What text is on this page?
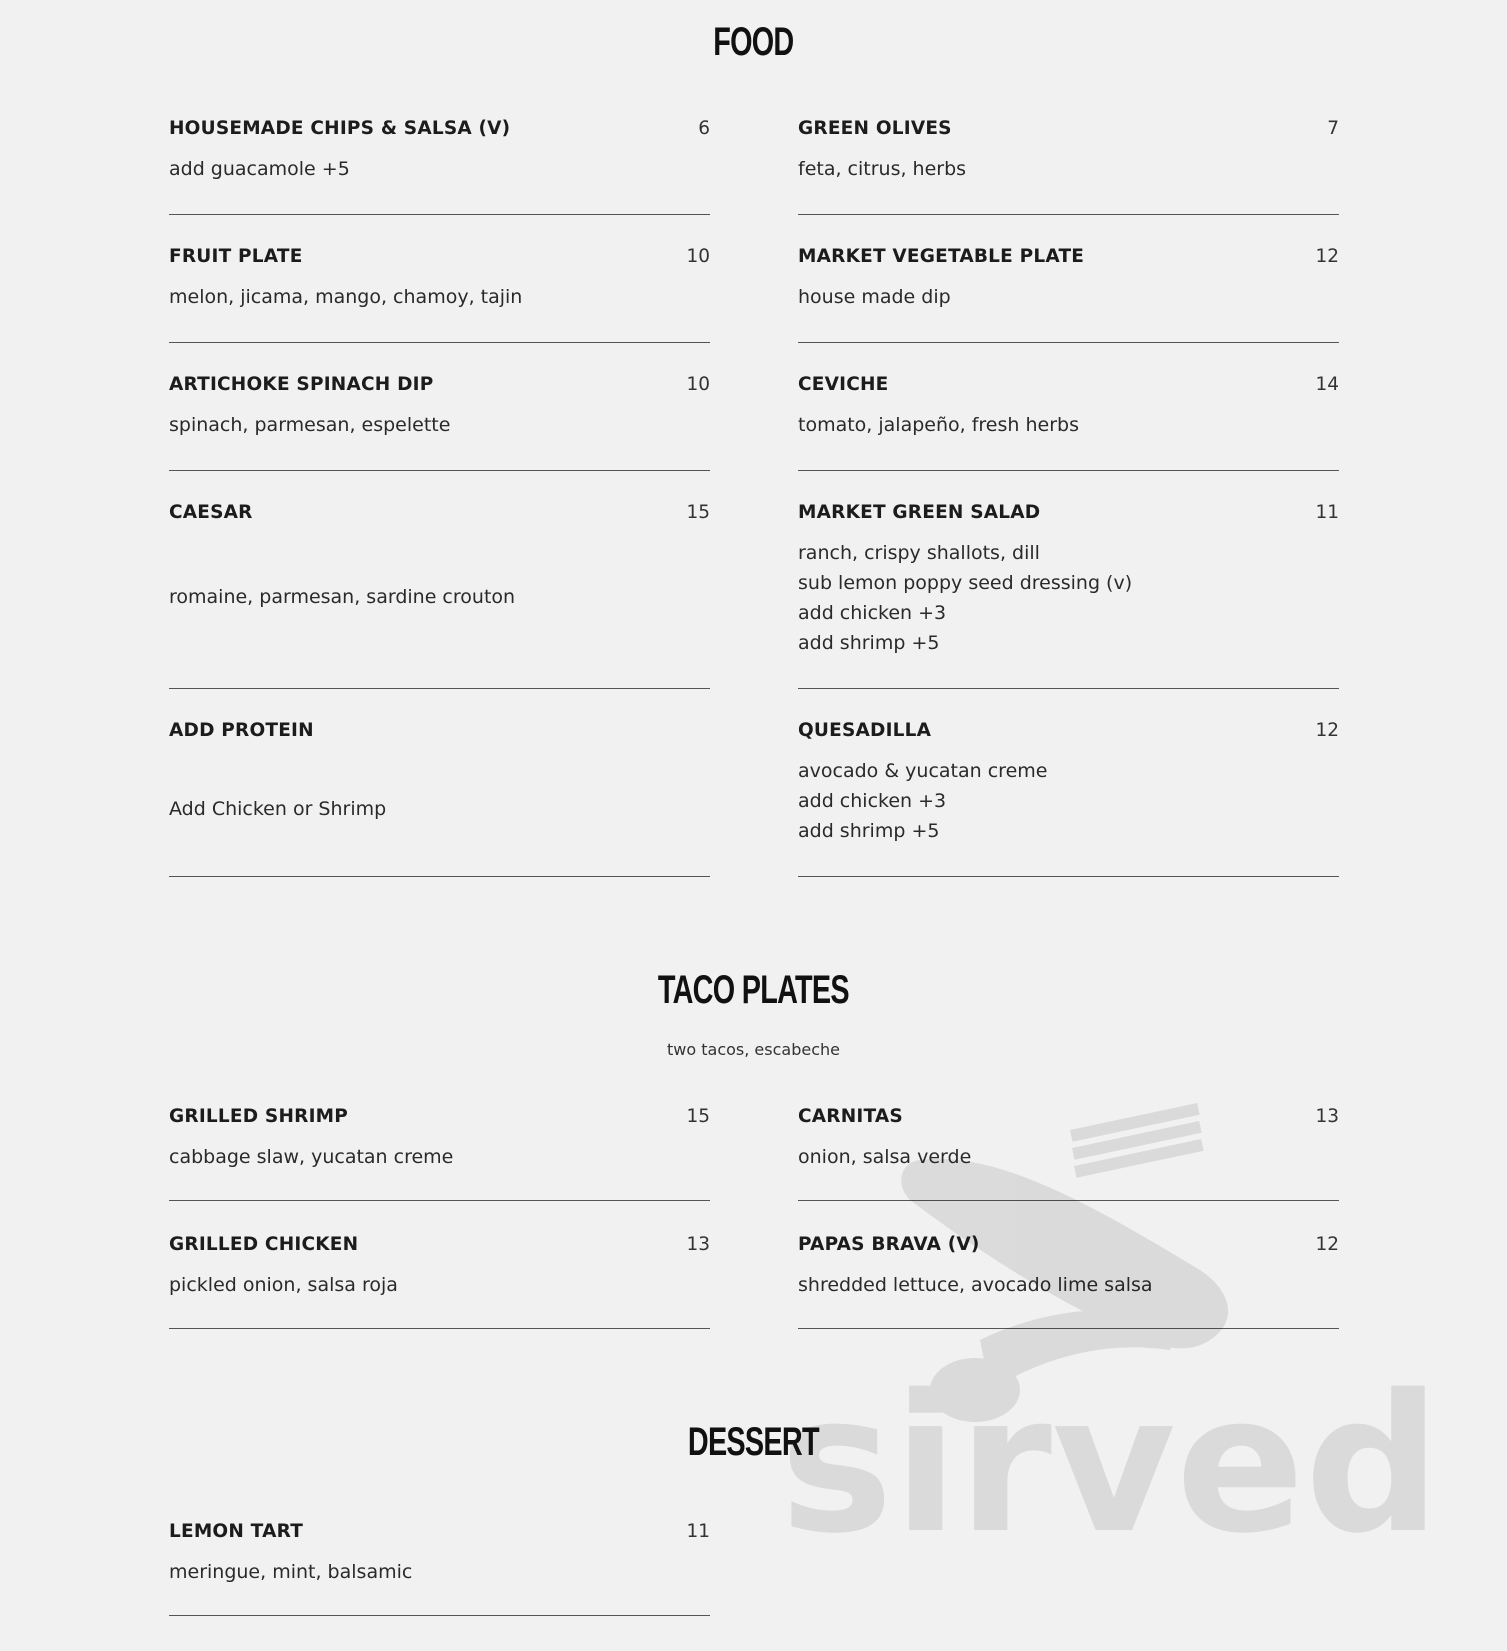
FOOD
HOUSEMADE CHIPS & SALSA (V)	6
add guacamole +5
GREEN OLIVES	7
feta, citrus, herbs
FRUIT PLATE	10
melon, jicama, mango, chamoy, tajin
MARKET VEGETABLE PLATE	12
house made dip
ARTICHOKE SPINACH DIP	10
spinach, parmesan, espelette
CEVICHE	14
tomato, jalapeño, fresh herbs
CAESAR	15
romaine, parmesan, sardine crouton
MARKET GREEN SALAD	11
ranch, crispy shallots, dill
sub lemon poppy seed dressing (v)
add chicken +3
add shrimp +5
ADD PROTEIN
Add Chicken or Shrimp
QUESADILLA	12
avocado & yucatan creme
add chicken +3
add shrimp +5
TACO PLATES
two tacos, escabeche
GRILLED SHRIMP	15
cabbage slaw, yucatan creme
CARNITAS	13
onion, salsa verde
GRILLED CHICKEN	13
pickled onion, salsa roja
PAPAS BRAVA (V)	12
shredded lettuce, avocado lime salsa
sirved
DESSERT
LEMON TART	11
meringue, mint, balsamic
